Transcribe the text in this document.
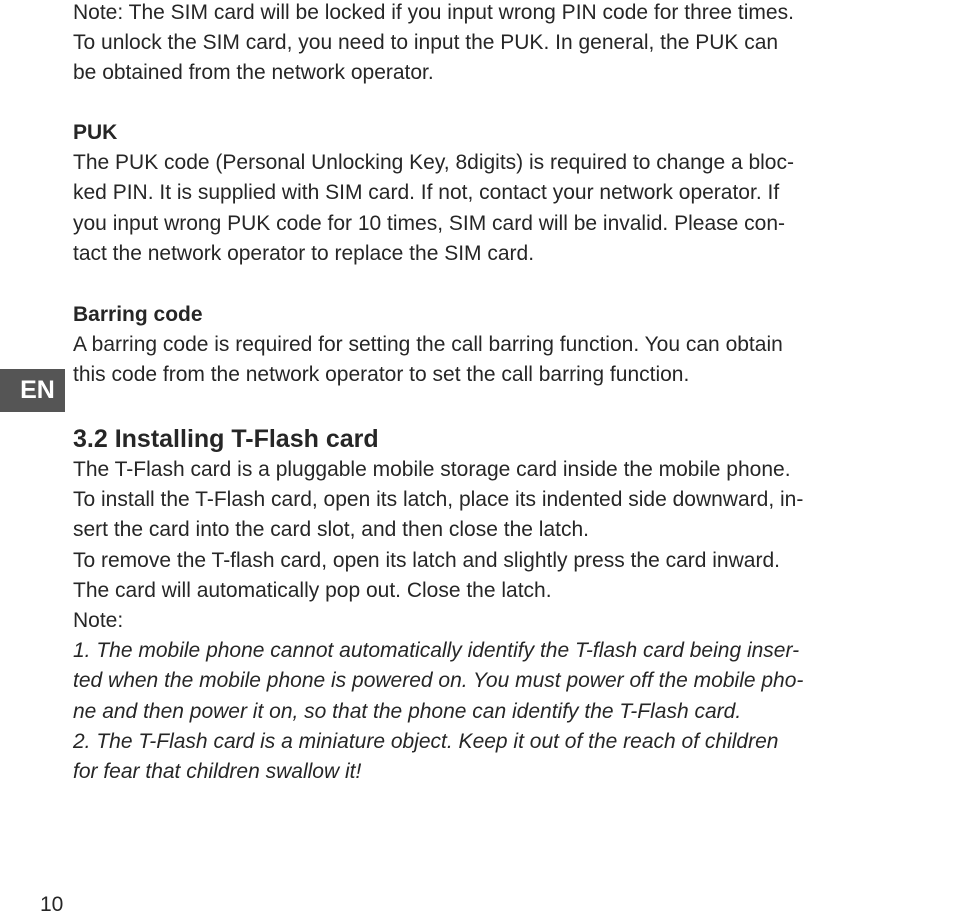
Note: The SIM card will be locked if you input wrong PIN code for three times.
To unlock the SIM card, you need to input the PUK. In general, the PUK can
be obtained from the network operator.
PUK
The PUK code (Personal Unlocking Key, 8digits) is required to change a bloc-
ked PIN. It is supplied with SIM card. If not, contact your network operator. If
you input wrong PUK code for 10 times, SIM card will be invalid. Please con-
tact the network operator to replace the SIM card.
Barring code
A barring code is required for setting the call barring function. You can obtain
this code from the network operator to set the call barring function.
EN
3.2 Installing T-Flash card
The T-Flash card is a pluggable mobile storage card inside the mobile phone.
To install the T-Flash card, open its latch, place its indented side downward, in-
sert the card into the card slot, and then close the latch.
To remove the T-flash card, open its latch and slightly press the card inward.
The card will automatically pop out. Close the latch.
Note:
1. The mobile phone cannot automatically identify the T-flash card being inser-
ted when the mobile phone is powered on. You must power off the mobile pho-
ne and then power it on, so that the phone can identify the T-Flash card.
2. The T-Flash card is a miniature object. Keep it out of the reach of children
for fear that children swallow it!
10
